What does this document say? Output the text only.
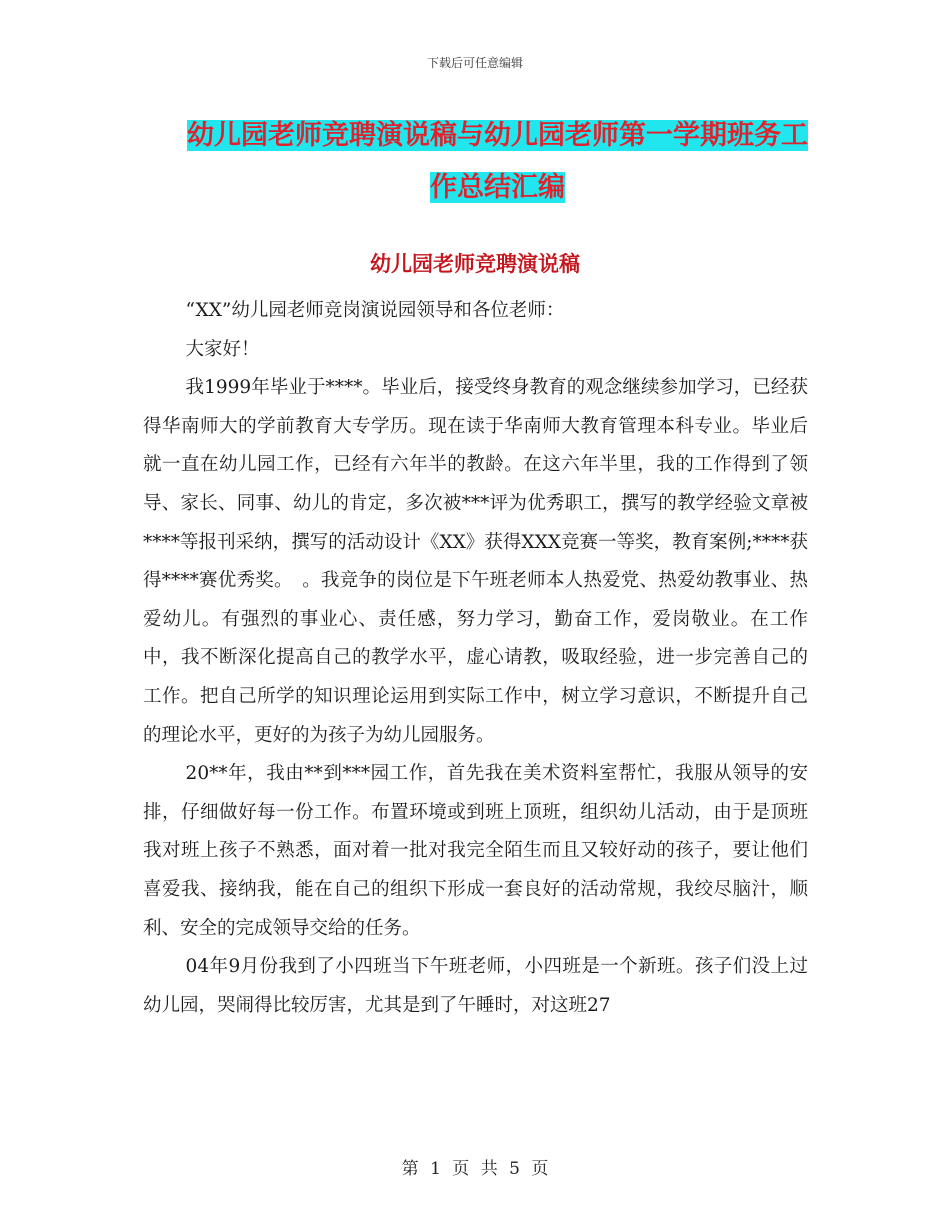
下载后可任意编辑
幼儿园老师竞聘演说稿与幼儿园老师第一学期班务工
作总结汇编
幼儿园老师竞聘演说稿

“XX”幼儿园老师竞岗演说园领导和各位老师：

大家好！

我1999年毕业于****。毕业后，接受终身教育的观念继续参加学习，已经获得华南师大的学前教育大专学历。现在读于华南师大教育管理本科专业。毕业后就一直在幼儿园工作，已经有六年半的教龄。在这六年半里，我的工作得到了领导、家长、同事、幼儿的肯定，多次被***评为优秀职工，撰写的教学经验文章被****等报刊采纳，撰写的活动设计《XX》获得XXX竞赛一等奖，教育案例;****获得****赛优秀奖。　。我竞争的岗位是下午班老师本人热爱党、热爱幼教事业、热爱幼儿。有强烈的事业心、责任感，努力学习，勤奋工作，爱岗敬业。在工作中，我不断深化提高自己的教学水平，虚心请教，吸取经验，进一步完善自己的工作。把自己所学的知识理论运用到实际工作中，树立学习意识，不断提升自己的理论水平，更好的为孩子为幼儿园服务。

20**年，我由**到***园工作，首先我在美术资料室帮忙，我服从领导的安排，仔细做好每一份工作。布置环境或到班上顶班，组织幼儿活动，由于是顶班我对班上孩子不熟悉，面对着一批对我完全陌生而且又较好动的孩子，要让他们喜爱我、接纳我，能在自己的组织下形成一套良好的活动常规，我绞尽脑汁，顺利、安全的完成领导交给的任务。

04年9月份我到了小四班当下午班老师，小四班是一个新班。孩子们没上过幼儿园，哭闹得比较厉害，尤其是到了午睡时，对这班27

第 1 页 共 5 页
